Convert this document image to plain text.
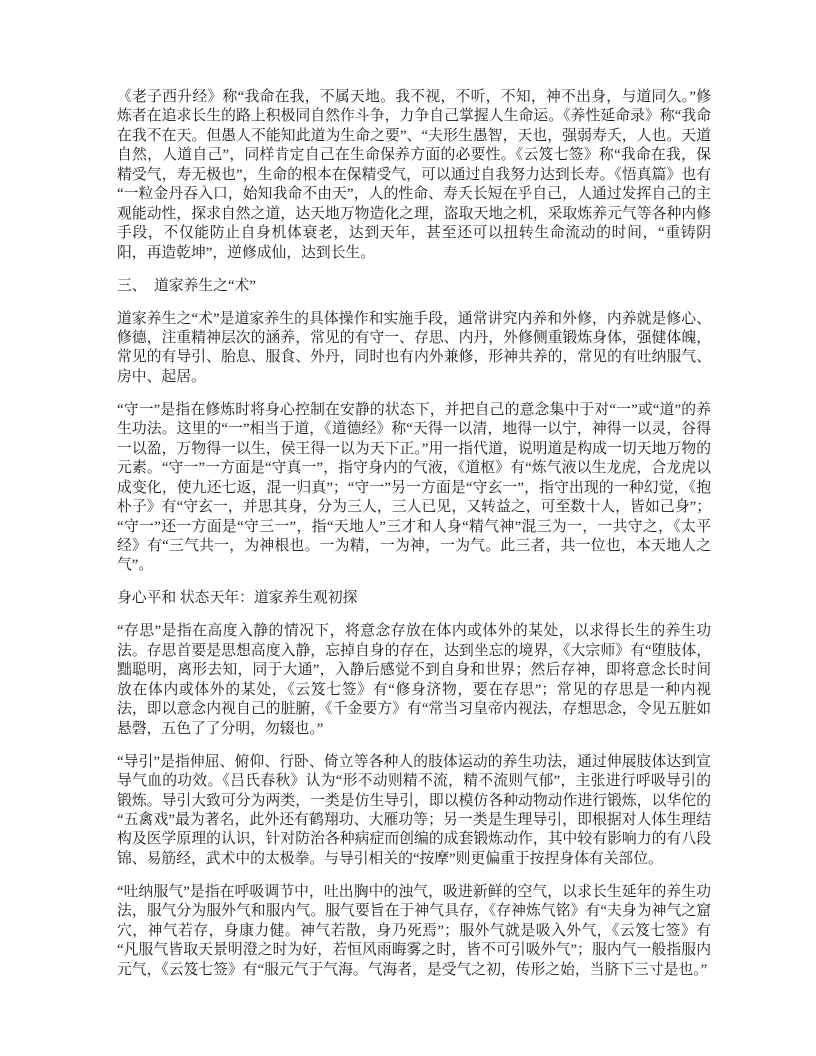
《老子西升经》称“我命在我，不属天地。我不视，不听，不知，神不出身，与道同久。”修炼者在追求长生的路上积极同自然作斗争，力争自己掌握人生命运。《养性延命录》称“我命在我不在天。但愚人不能知此道为生命之要”、“夫形生愚智，天也，强弱寿夭，人也。天道自然，人道自己”，同样肯定自己在生命保养方面的必要性。《云笈七签》称“我命在我，保精受气，寿无极也”，生命的根本在保精受气，可以通过自我努力达到长寿。《悟真篇》也有“一粒金丹吞入口，始知我命不由天”，人的性命、寿夭长短在乎自己，人通过发挥自己的主观能动性，探求自然之道，达天地万物造化之理，盗取天地之机，采取炼养元气等各种内修手段，不仅能防止自身机体衰老，达到天年，甚至还可以扭转生命流动的时间，“重铸阴阳，再造乾坤”，逆修成仙，达到长生。

三、　道家养生之“术”

道家养生之“术”是道家养生的具体操作和实施手段，通常讲究内养和外修，内养就是修心、修德，注重精神层次的涵养，常见的有守一、存思、内丹，外修侧重锻炼身体，强健体魄，常见的有导引、胎息、服食、外丹，同时也有内外兼修，形神共养的，常见的有吐纳服气、房中、起居。

“守一”是指在修炼时将身心控制在安静的状态下，并把自己的意念集中于对“一”或“道”的养生功法。这里的“一”相当于道，《道德经》称“天得一以清，地得一以宁，神得一以灵，谷得一以盈，万物得一以生，侯王得一以为天下正。”用一指代道，说明道是构成一切天地万物的元素。“守一”一方面是“守真一”，指守身内的气液，《道枢》有“炼气液以生龙虎，合龙虎以成变化，使九还七返，混一归真”；“守一”另一方面是“守玄一”，指守出现的一种幻觉，《抱朴子》有“守玄一，并思其身，分为三人，三人已见，又转益之，可至数十人，皆如己身”；“守一”还一方面是“守三一”，指“天地人”三才和人身“精气神”混三为一，一共守之，《太平经》有“三气共一，为神根也。一为精，一为神，一为气。此三者，共一位也，本天地人之气”。

身心平和 状态天年：道家养生观初探

“存思”是指在高度入静的情况下，将意念存放在体内或体外的某处，以求得长生的养生功法。存思首要是思想高度入静，忘掉自身的存在，达到坐忘的境界，《大宗师》有“堕肢体，黜聪明，离形去知，同于大通”，入静后感觉不到自身和世界；然后存神，即将意念长时间放在体内或体外的某处，《云笈七签》有“修身济物，要在存思”；常见的存思是一种内视法，即以意念内视自己的脏腑，《千金要方》有“常当习皇帝内视法，存想思念，令见五脏如悬磬，五色了了分明，勿辍也。”

“导引”是指伸屈、俯仰、行卧、倚立等各种人的肢体运动的养生功法，通过伸展肢体达到宣导气血的功效。《吕氏春秋》认为“形不动则精不流，精不流则气郁”，主张进行呼吸导引的锻炼。导引大致可分为两类，一类是仿生导引，即以模仿各种动物动作进行锻炼，以华佗的“五禽戏”最为著名，此外还有鹤翔功、大雁功等；另一类是生理导引，即根据对人体生理结构及医学原理的认识，针对防治各种病症而创编的成套锻炼动作，其中较有影响力的有八段锦、易筋经，武术中的太极拳。与导引相关的“按摩”则更偏重于按捏身体有关部位。

“吐纳服气”是指在呼吸调节中，吐出胸中的浊气，吸进新鲜的空气，以求长生延年的养生功法，服气分为服外气和服内气。服气要旨在于神气具存，《存神炼气铭》有“夫身为神气之窟穴，神气若存，身康力健。神气若散，身乃死焉”；服外气就是吸入外气，《云笈七签》有“凡服气皆取天景明澄之时为好，若恒风雨晦雾之时，皆不可引吸外气”；服内气一般指服内元气，《云笈七签》有“服元气于气海。气海者，是受气之初，传形之始，当脐下三寸是也。”
